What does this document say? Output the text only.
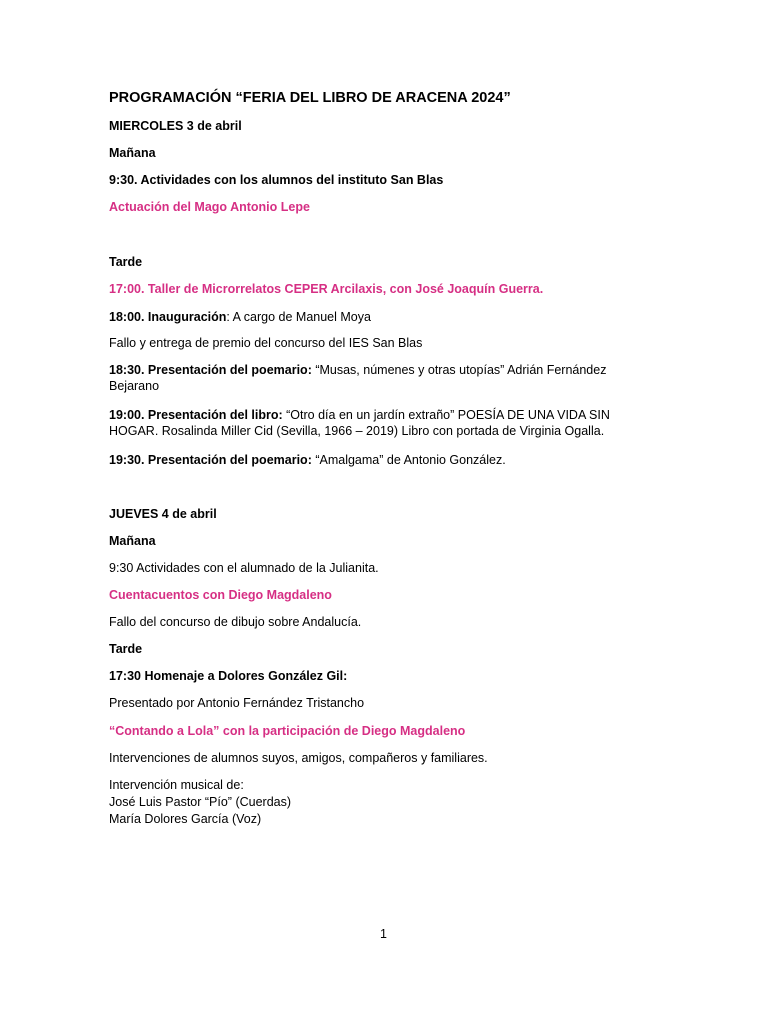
PROGRAMACIÓN “FERIA DEL LIBRO DE ARACENA 2024”
MIERCOLES 3 de abril
Mañana
9:30. Actividades con los alumnos del instituto San Blas
Actuación del Mago Antonio Lepe
Tarde
17:00. Taller de Microrrelatos CEPER Arcilaxis, con José Joaquín Guerra.
18:00. Inauguración: A cargo de Manuel Moya
Fallo y entrega de premio del concurso del IES San Blas
18:30. Presentación del poemario: “Musas, númenes y otras utopías” Adrián Fernández Bejarano
19:00. Presentación del libro: “Otro día en un jardín extraño” POESÍA DE UNA VIDA SIN HOGAR. Rosalinda Miller Cid (Sevilla, 1966 – 2019) Libro con portada de Virginia Ogalla.
19:30. Presentación del poemario: “Amalgama” de Antonio González.
JUEVES 4 de abril
Mañana
9:30 Actividades con el alumnado de la Julianita.
Cuentacuentos con Diego Magdaleno
Fallo del concurso de dibujo sobre Andalucía.
Tarde
17:30 Homenaje a Dolores González Gil:
Presentado por Antonio Fernández Tristancho
“Contando a Lola” con la participación de Diego Magdaleno
Intervenciones de alumnos suyos, amigos, compañeros y familiares.
Intervención musical de:
José Luis Pastor “Pío” (Cuerdas)
María Dolores García (Voz)
1
